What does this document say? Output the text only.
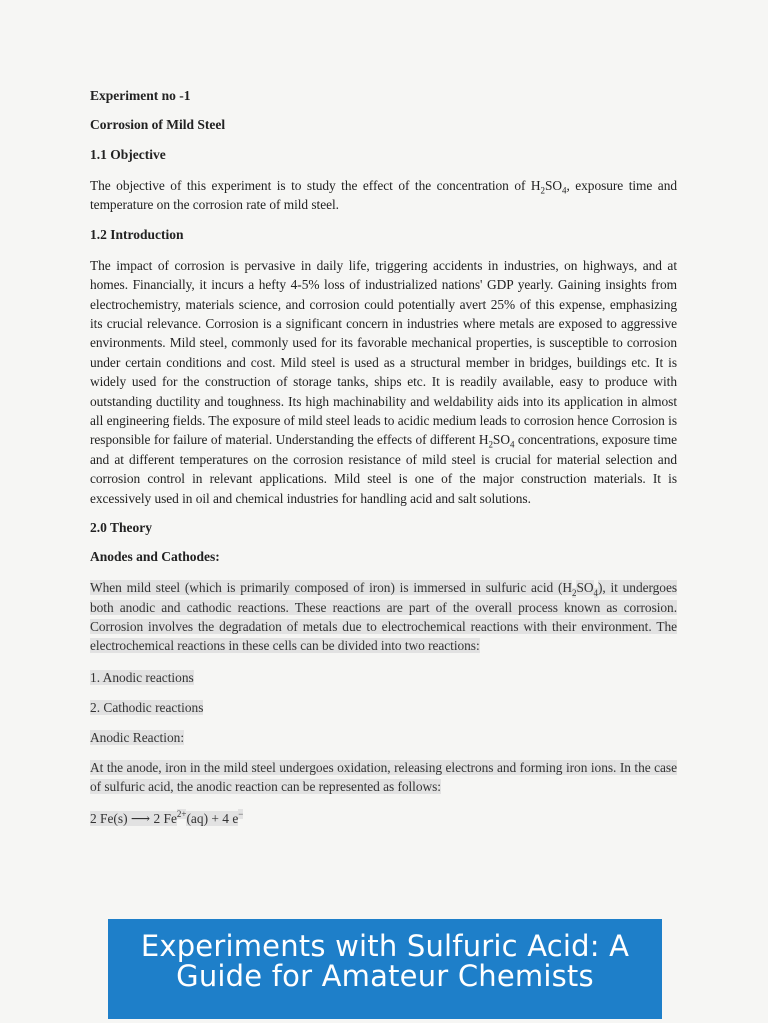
Experiment no -1
Corrosion of Mild Steel
1.1 Objective
The objective of this experiment is to study the effect of the concentration of $H_2SO_4$, exposure time and temperature on the corrosion rate of mild steel.
1.2 Introduction
The impact of corrosion is pervasive in daily life, triggering accidents in industries, on highways, and at homes. Financially, it incurs a hefty 4-5% loss of industrialized nations' GDP yearly. Gaining insights from electrochemistry, materials science, and corrosion could potentially avert 25% of this expense, emphasizing its crucial relevance. Corrosion is a significant concern in industries where metals are exposed to aggressive environments. Mild steel, commonly used for its favorable mechanical properties, is susceptible to corrosion under certain conditions and cost. Mild steel is used as a structural member in bridges, buildings etc. It is widely used for the construction of storage tanks, ships etc. It is readily available, easy to produce with outstanding ductility and toughness. Its high machinability and weldability aids into its application in almost all engineering fields. The exposure of mild steel leads to acidic medium leads to corrosion hence Corrosion is responsible for failure of material. Understanding the effects of different $H_2SO_4$ concentrations, exposure time and at different temperatures on the corrosion resistance of mild steel is crucial for material selection and corrosion control in relevant applications. Mild steel is one of the major construction materials. It is excessively used in oil and chemical industries for handling acid and salt solutions.
2.0 Theory
Anodes and Cathodes:
When mild steel (which is primarily composed of iron) is immersed in sulfuric acid $(H_2SO_4)$, it undergoes both anodic and cathodic reactions. These reactions are part of the overall process known as corrosion. Corrosion involves the degradation of metals due to electrochemical reactions with their environment. The electrochemical reactions in these cells can be divided into two reactions:
1. Anodic reactions
2. Cathodic reactions
Anodic Reaction:
At the anode, iron in the mild steel undergoes oxidation, releasing electrons and forming iron ions. In the case of sulfuric acid, the anodic reaction can be represented as follows:
2 Fe(s) ⟶ 2 $Fe^{2+}(aq) + 4$ e−
Experiments with Sulfuric Acid: A Guide for Amateur Chemists
